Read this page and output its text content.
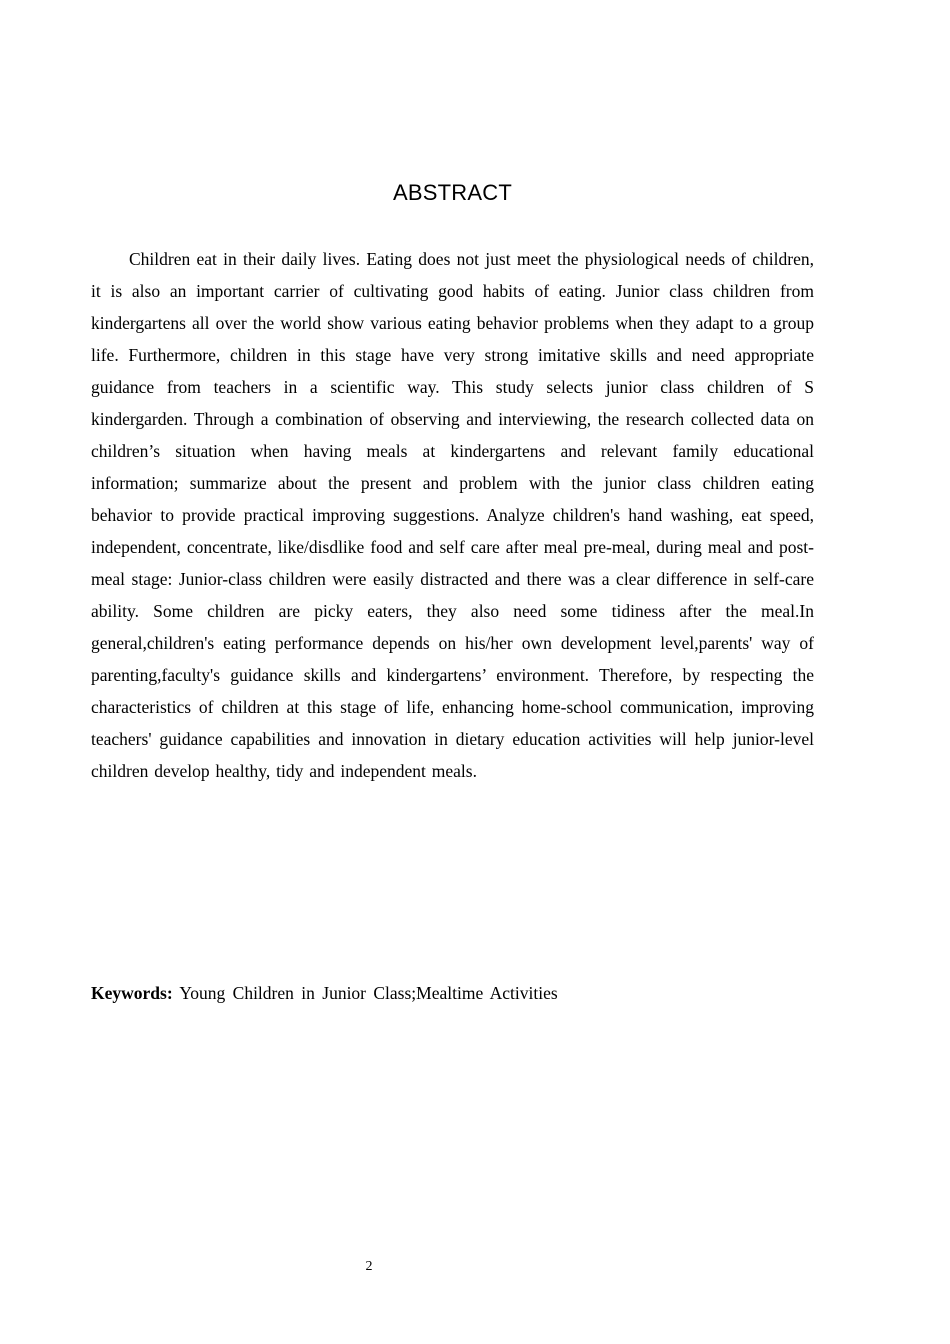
ABSTRACT

Children eat in their daily lives. Eating does not just meet the physiological needs of children, it is also an important carrier of cultivating good habits of eating. Junior class children from kindergartens all over the world show various eating behavior problems when they adapt to a group life. Furthermore, children in this stage have very strong imitative skills and need appropriate guidance from teachers in a scientific way. This study selects junior class children of S kindergarden. Through a combination of observing and interviewing, the research collected data on children’s situation when having meals at kindergartens and relevant family educational information; summarize about the present and problem with the junior class children eating behavior to provide practical improving suggestions. Analyze children's hand washing, eat speed, independent, concentrate, like/disdlike food and self care after meal pre-meal, during meal and post-meal stage: Junior-class children were easily distracted and there was a clear difference in self-care ability. Some children are picky eaters, they also need some tidiness after the meal.In general,children's eating performance depends on his/her own development level,parents' way of parenting,faculty's guidance skills and kindergartens’ environment. Therefore, by respecting the characteristics of children at this stage of life, enhancing home-school communication, improving teachers' guidance capabilities and innovation in dietary education activities will help junior-level children develop healthy, tidy and independent meals.

Keywords: Young Children in Junior Class;Mealtime Activities

2
